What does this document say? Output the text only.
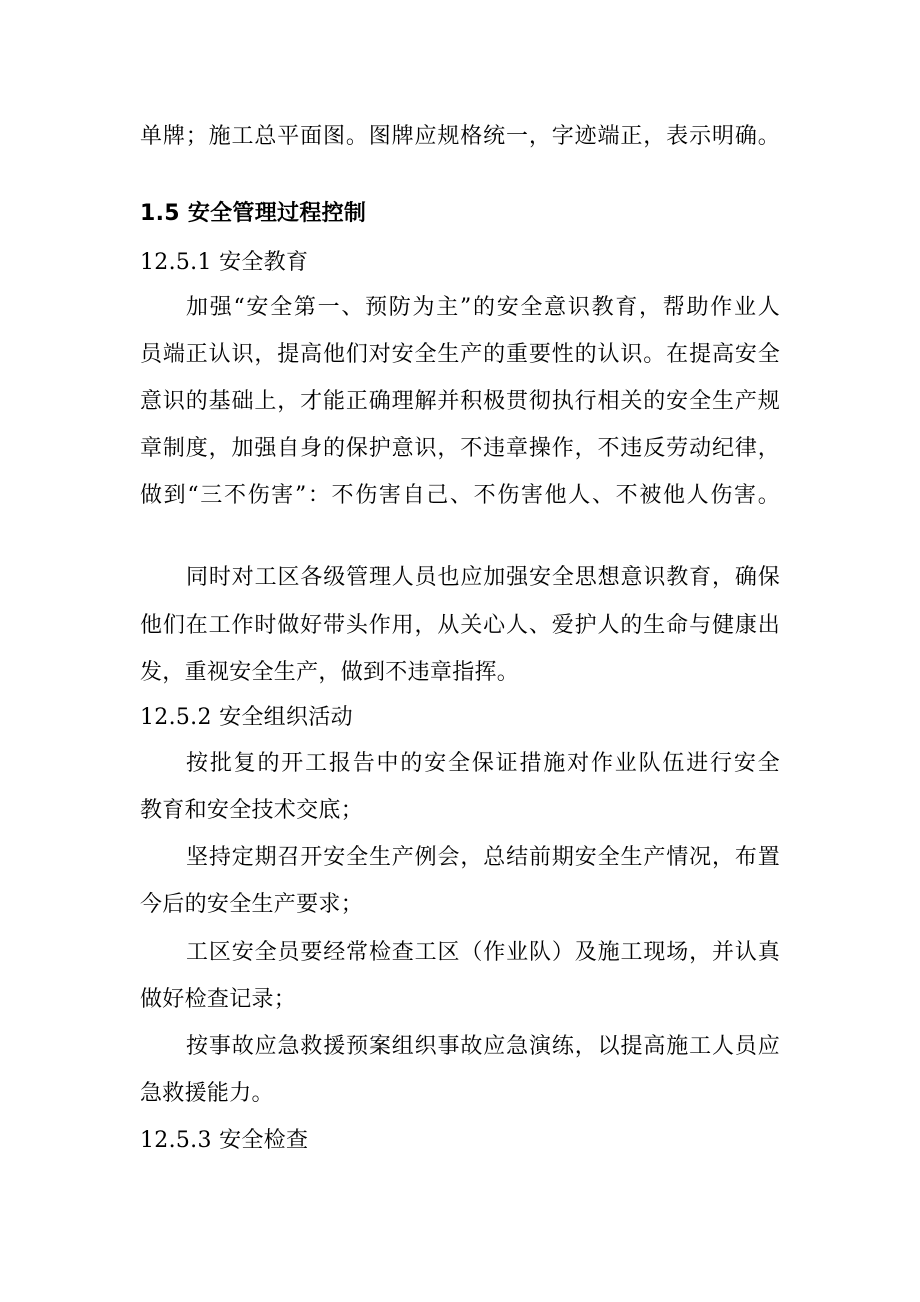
单牌；施工总平面图。图牌应规格统一，字迹端正，表示明确。
1.5 安全管理过程控制
12.5.1 安全教育
加强“安全第一、预防为主”的安全意识教育，帮助作业人
员端正认识，提高他们对安全生产的重要性的认识。在提高安全
意识的基础上，才能正确理解并积极贯彻执行相关的安全生产规
章制度，加强自身的保护意识，不违章操作，不违反劳动纪律，
做到“三不伤害”：不伤害自己、不伤害他人、不被他人伤害。
同时对工区各级管理人员也应加强安全思想意识教育，确保
他们在工作时做好带头作用，从关心人、爱护人的生命与健康出
发，重视安全生产，做到不违章指挥。
12.5.2 安全组织活动
按批复的开工报告中的安全保证措施对作业队伍进行安全
教育和安全技术交底；
坚持定期召开安全生产例会，总结前期安全生产情况，布置
今后的安全生产要求；
工区安全员要经常检查工区（作业队）及施工现场，并认真
做好检查记录；
按事故应急救援预案组织事故应急演练，以提高施工人员应
急救援能力。
12.5.3 安全检查
